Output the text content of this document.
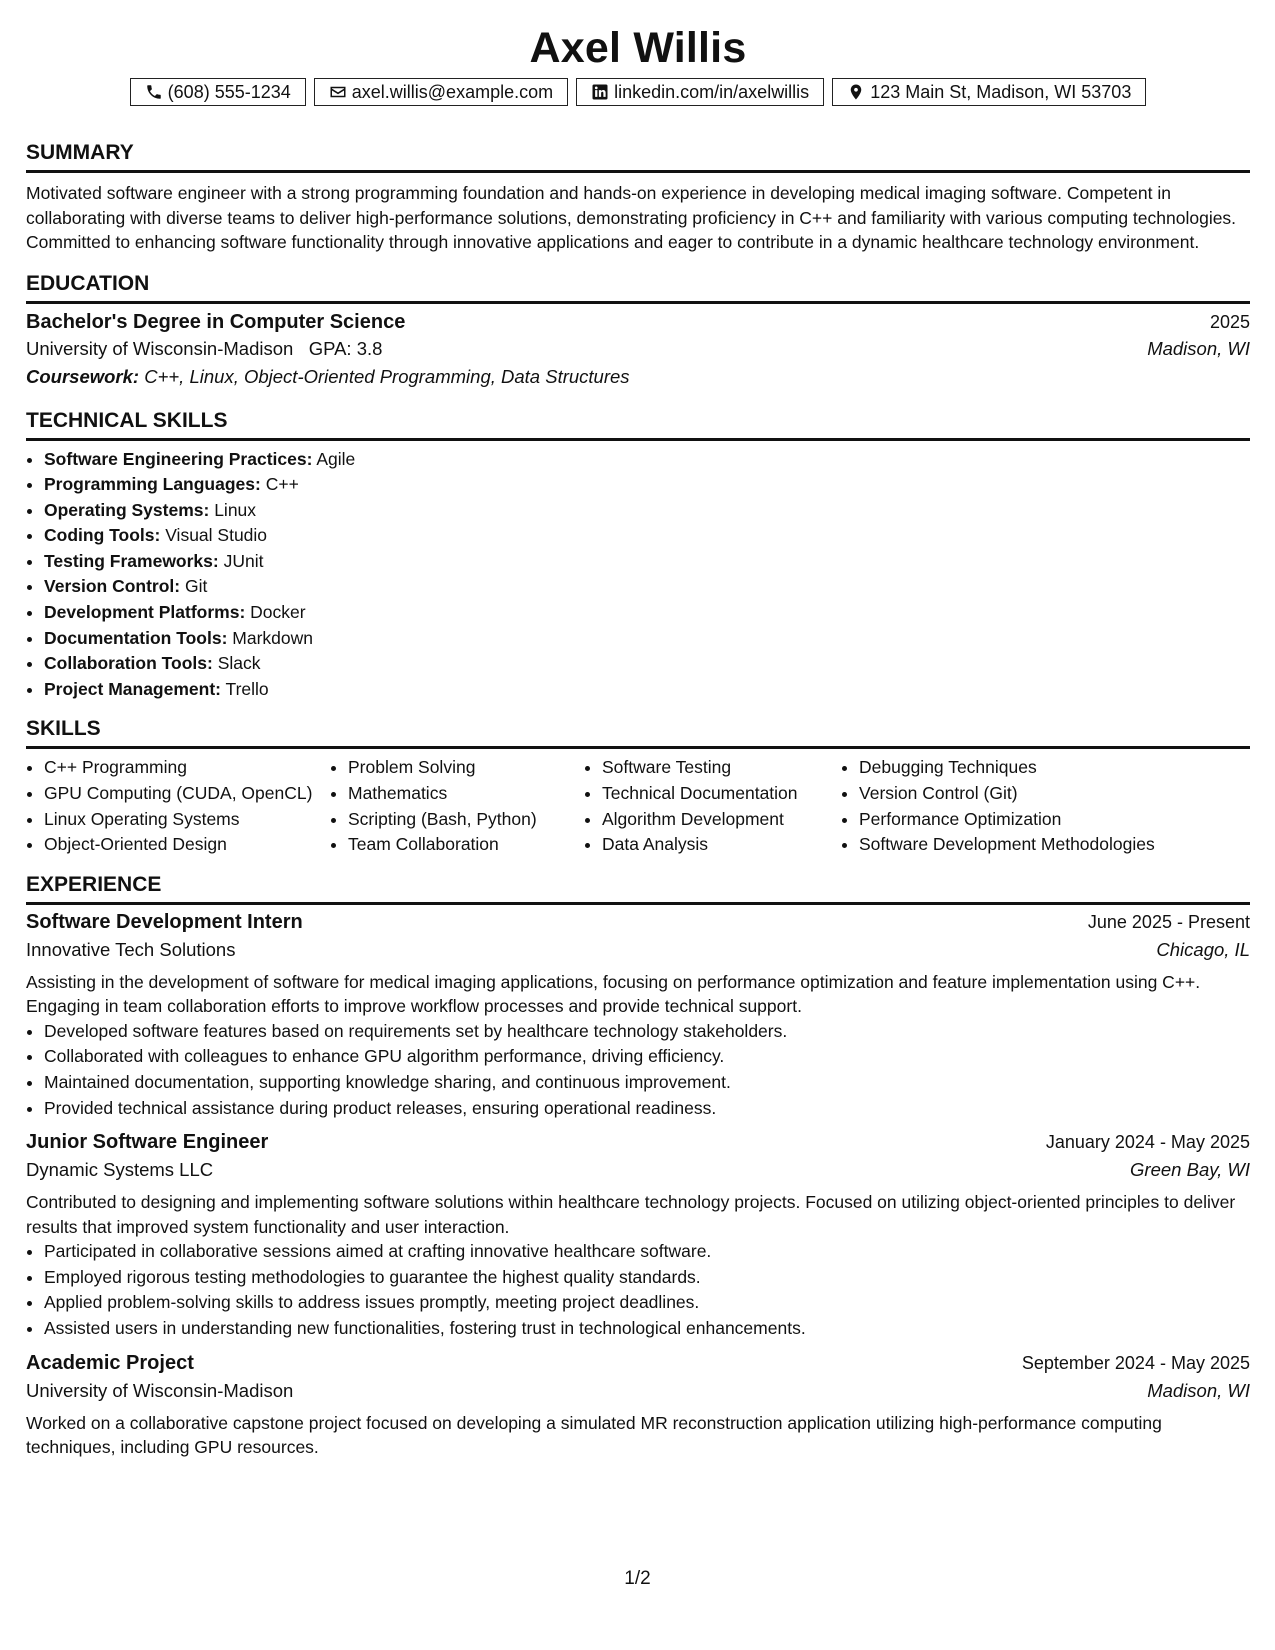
Axel Willis
(608) 555-1234	axel.willis@example.com	linkedin.com/in/axelwillis	123 Main St, Madison, WI 53703
SUMMARY

Motivated software engineer with a strong programming foundation and hands-on experience in developing medical imaging software. Competent in collaborating with diverse teams to deliver high-performance solutions, demonstrating proficiency in C++ and familiarity with various computing technologies. Committed to enhancing software functionality through innovative applications and eager to contribute in a dynamic healthcare technology environment.

EDUCATION
Bachelor's Degree in Computer Science	2025
University of Wisconsin-Madison GPA: 3.8	Madison, WI
Coursework: C++, Linux, Object-Oriented Programming, Data Structures
TECHNICAL SKILLS
• Software Engineering Practices: Agile
• Programming Languages: C++
• Operating Systems: Linux
• Coding Tools: Visual Studio
• Testing Frameworks: JUnit
• Version Control: Git
• Development Platforms: Docker
• Documentation Tools: Markdown
• Collaboration Tools: Slack
• Project Management: Trello
SKILLS
• C++ Programming
• GPU Computing (CUDA, OpenCL)
• Linux Operating Systems
• Object-Oriented Design
• Problem Solving
• Mathematics
• Scripting (Bash, Python)
• Team Collaboration
• Software Testing
• Technical Documentation
• Algorithm Development
• Data Analysis
• Debugging Techniques
• Version Control (Git)
• Performance Optimization
• Software Development Methodologies
EXPERIENCE
Software Development Intern	June 2025 - Present
Innovative Tech Solutions	Chicago, IL

Assisting in the development of software for medical imaging applications, focusing on performance optimization and feature implementation using C++. Engaging in team collaboration efforts to improve workflow processes and provide technical support.

• Developed software features based on requirements set by healthcare technology stakeholders.
• Collaborated with colleagues to enhance GPU algorithm performance, driving efficiency.
• Maintained documentation, supporting knowledge sharing, and continuous improvement.
• Provided technical assistance during product releases, ensuring operational readiness.
Junior Software Engineer	January 2024 - May 2025
Dynamic Systems LLC	Green Bay, WI

Contributed to designing and implementing software solutions within healthcare technology projects. Focused on utilizing object-oriented principles to deliver results that improved system functionality and user interaction.

• Participated in collaborative sessions aimed at crafting innovative healthcare software.
• Employed rigorous testing methodologies to guarantee the highest quality standards.
• Applied problem-solving skills to address issues promptly, meeting project deadlines.
• Assisted users in understanding new functionalities, fostering trust in technological enhancements.
Academic Project	September 2024 - May 2025
University of Wisconsin-Madison	Madison, WI

Worked on a collaborative capstone project focused on developing a simulated MR reconstruction application utilizing high-performance computing techniques, including GPU resources.

1/2
